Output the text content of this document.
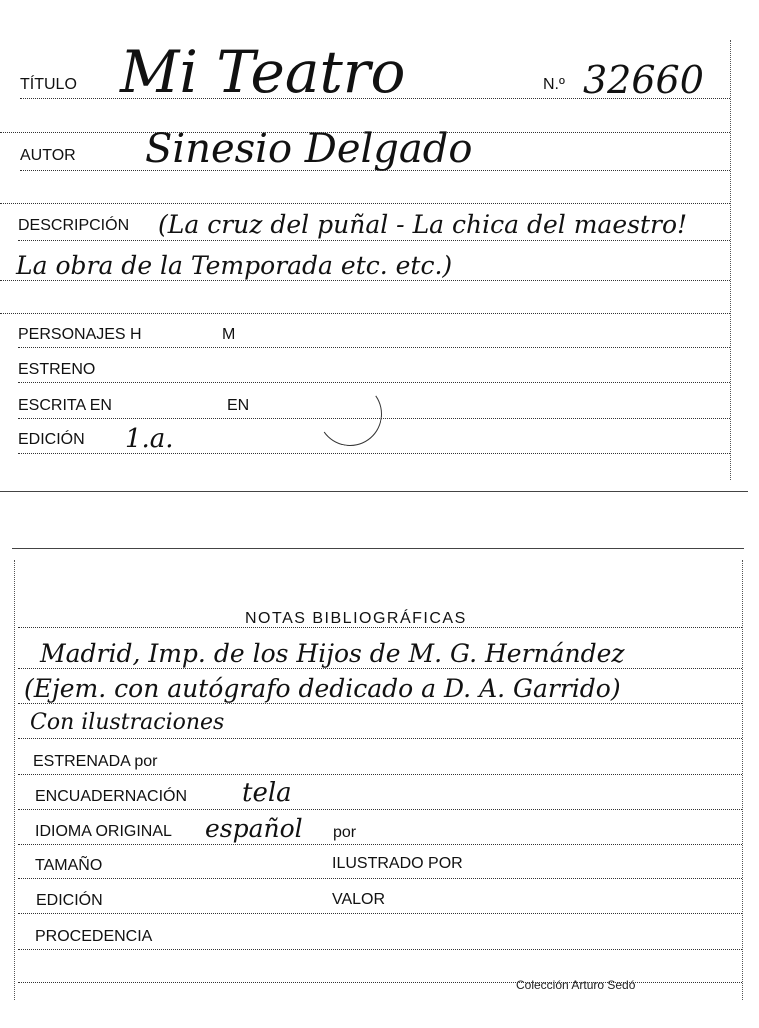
TÍTULO Mi Teatro	N.º 32660
AUTOR Sinesio Delgado
DESCRIPCIÓN (La cruz del puñal - La chica del maestro!
La obra de la Temporada etc. etc.)
PERSONAJES H	M
ESTRENO
ESCRITA EN	EN
EDICIÓN 1.a.
NOTAS BIBLIOGRÁFICAS
Madrid, Imp. de los Hijos de M. G. Hernández
(Ejem. con autógrafo dedicado a D. A. Garrido)
Con ilustraciones
ESTRENADA por
ENCUADERNACIÓN tela
IDIOMA ORIGINAL español por
TAMAÑO	ILUSTRADO POR
EDICIÓN	VALOR
PROCEDENCIA
Colección Arturo Sedó
